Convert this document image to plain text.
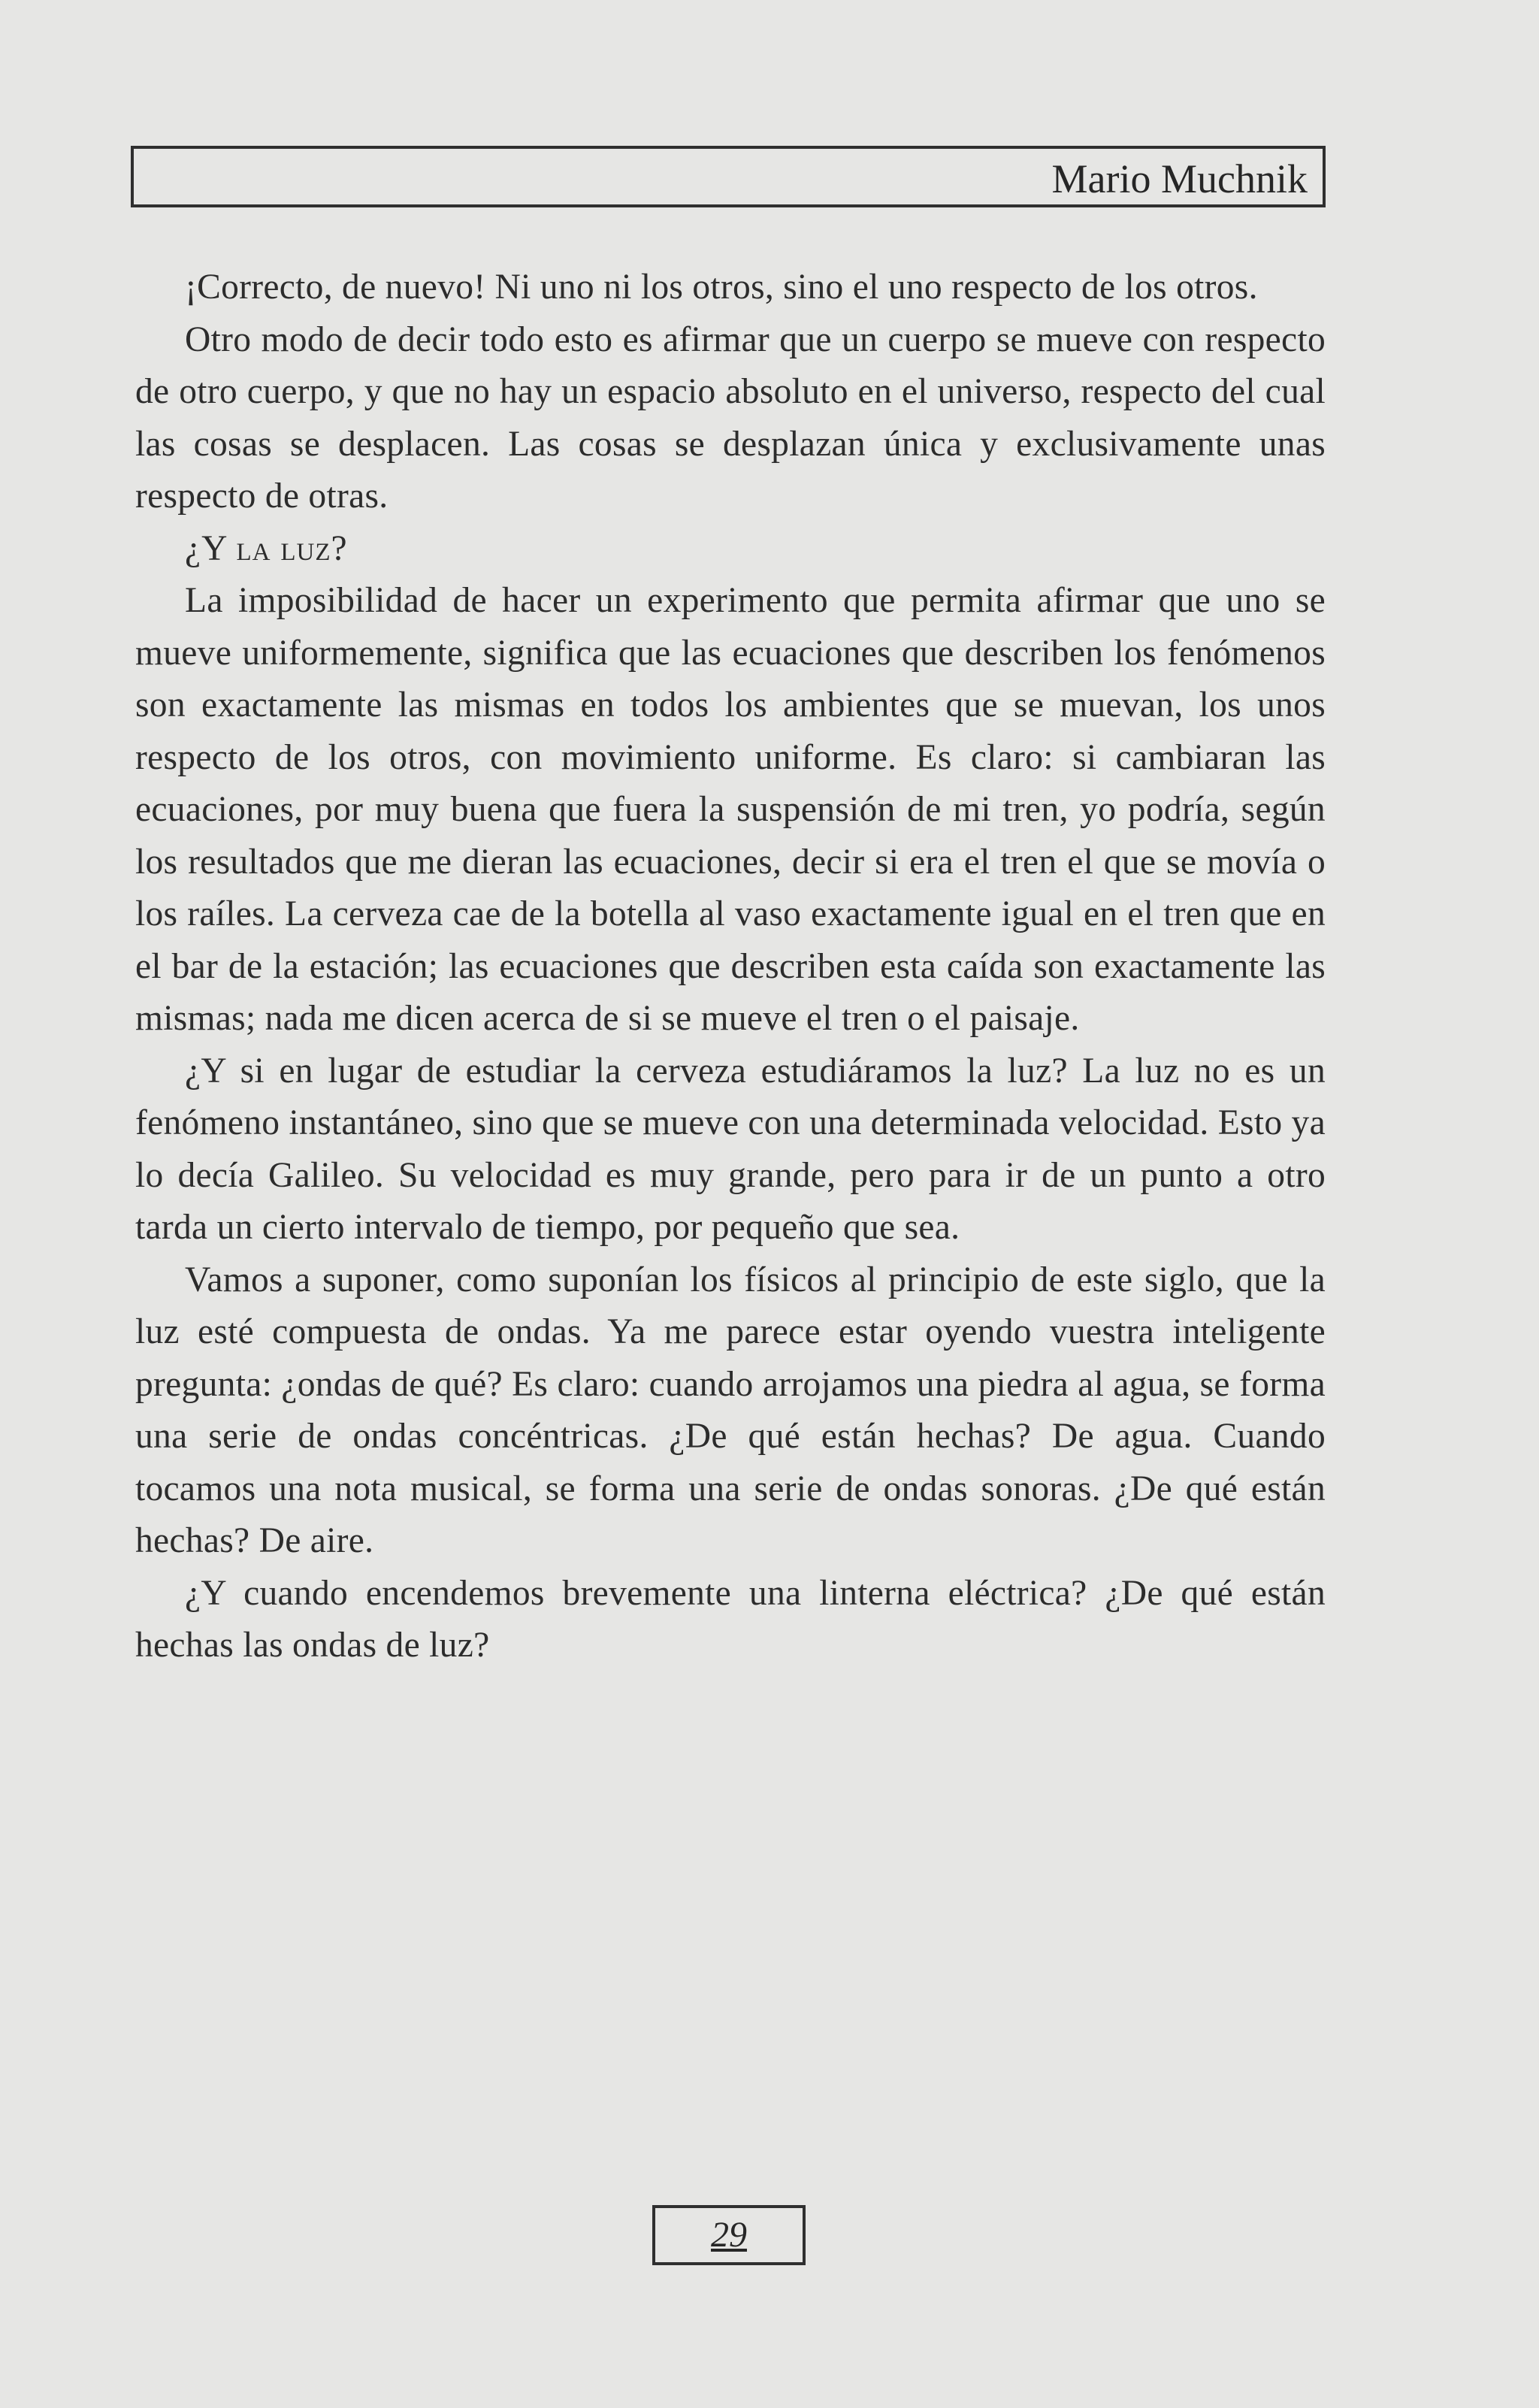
Mario Muchnik

¡Correcto, de nuevo! Ni uno ni los otros, sino el uno respecto de los otros.

Otro modo de decir todo esto es afirmar que un cuerpo se mueve con respecto de otro cuerpo, y que no hay un espacio absoluto en el universo, respecto del cual las cosas se desplacen. Las cosas se desplazan única y exclusivamente unas respecto de otras.

¿Y la luz?

La imposibilidad de hacer un experimento que permita afirmar que uno se mueve uniformemente, significa que las ecuaciones que describen los fenómenos son exactamente las mismas en todos los ambientes que se muevan, los unos respecto de los otros, con movimiento uniforme. Es claro: si cambiaran las ecuaciones, por muy buena que fuera la suspensión de mi tren, yo podría, según los resultados que me dieran las ecuaciones, decir si era el tren el que se movía o los raíles. La cerveza cae de la botella al vaso exactamente igual en el tren que en el bar de la estación; las ecuaciones que describen esta caída son exactamente las mismas; nada me dicen acerca de si se mueve el tren o el paisaje.

¿Y si en lugar de estudiar la cerveza estudiáramos la luz? La luz no es un fenómeno instantáneo, sino que se mueve con una determinada velocidad. Esto ya lo decía Galileo. Su velocidad es muy grande, pero para ir de un punto a otro tarda un cierto intervalo de tiempo, por pequeño que sea.

Vamos a suponer, como suponían los físicos al principio de este siglo, que la luz esté compuesta de ondas. Ya me parece estar oyendo vuestra inteligente pregunta: ¿ondas de qué? Es claro: cuando arrojamos una piedra al agua, se forma una serie de ondas concéntricas. ¿De qué están hechas? De agua. Cuando tocamos una nota musical, se forma una serie de ondas sonoras. ¿De qué están hechas? De aire.

¿Y cuando encendemos brevemente una linterna eléctrica? ¿De qué están hechas las ondas de luz?

29
